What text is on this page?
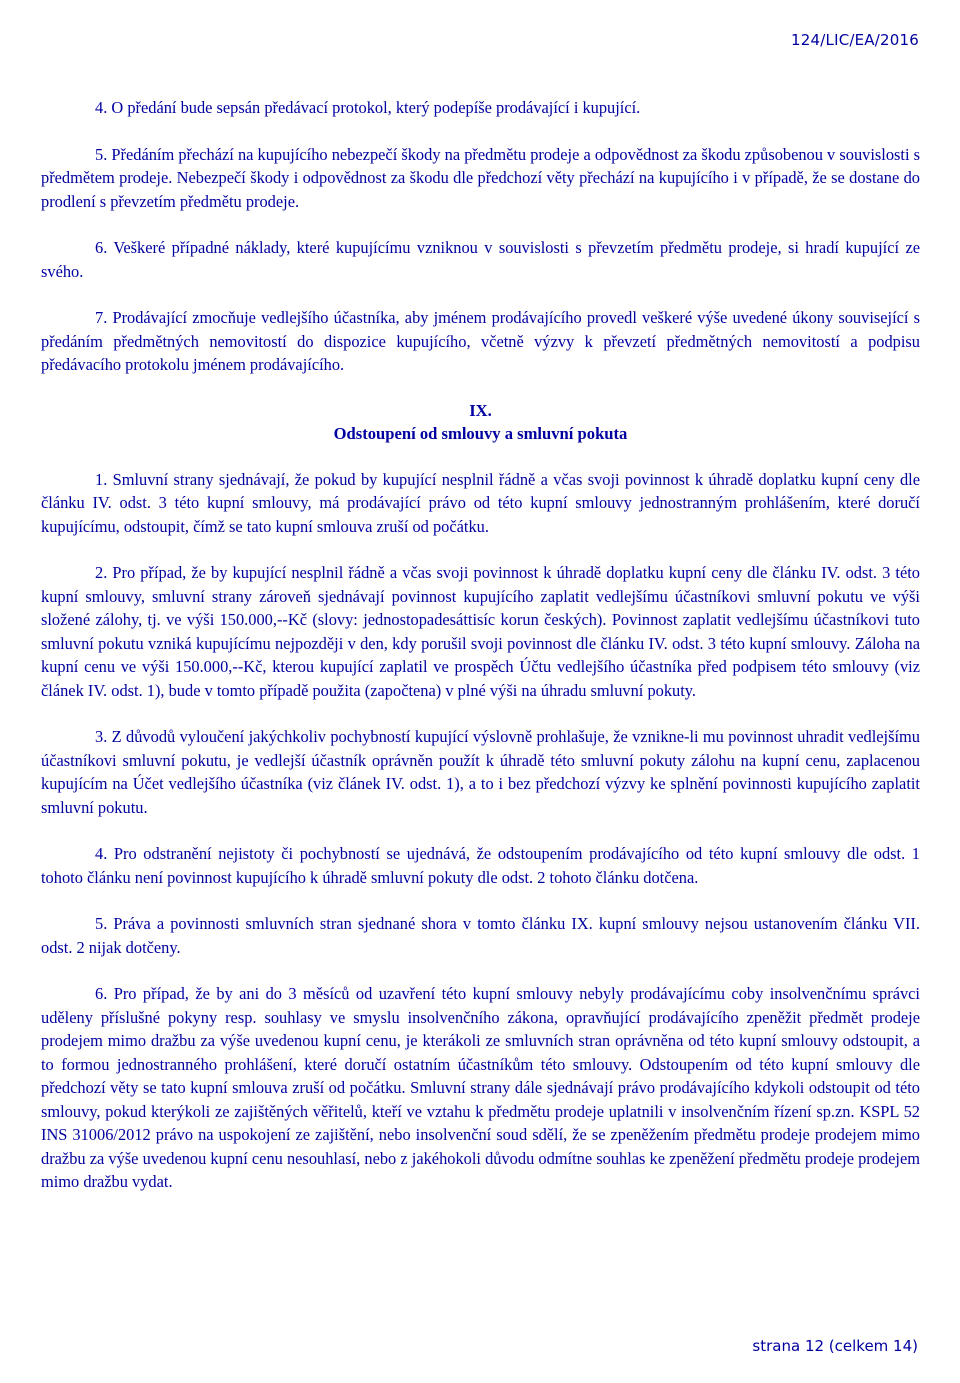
124/LIC/EA/2016

4. O předání bude sepsán předávací protokol, který podepíše prodávající i kupující.

5. Předáním přechází na kupujícího nebezpečí škody na předmětu prodeje a odpovědnost za škodu způsobenou v souvislosti s předmětem prodeje. Nebezpečí škody i odpovědnost za škodu dle předchozí věty přechází na kupujícího i v případě, že se dostane do prodlení s převzetím předmětu prodeje.

6. Veškeré případné náklady, které kupujícímu vzniknou v souvislosti s převzetím předmětu prodeje, si hradí kupující ze svého.

7. Prodávající zmocňuje vedlejšího účastníka, aby jménem prodávajícího provedl veškeré výše uvedené úkony související s předáním předmětných nemovitostí do dispozice kupujícího, včetně výzvy k převzetí předmětných nemovitostí a podpisu předávacího protokolu jménem prodávajícího.

IX.
Odstoupení od smlouvy a smluvní pokuta

1. Smluvní strany sjednávají, že pokud by kupující nesplnil řádně a včas svoji povinnost k úhradě doplatku kupní ceny dle článku IV. odst. 3 této kupní smlouvy, má prodávající právo od této kupní smlouvy jednostranným prohlášením, které doručí kupujícímu, odstoupit, čímž se tato kupní smlouva zruší od počátku.

2. Pro případ, že by kupující nesplnil řádně a včas svoji povinnost k úhradě doplatku kupní ceny dle článku IV. odst. 3 této kupní smlouvy, smluvní strany zároveň sjednávají povinnost kupujícího zaplatit vedlejšímu účastníkovi smluvní pokutu ve výši složené zálohy, tj. ve výši 150.000,--Kč (slovy: jednostopadesáttisíc korun českých). Povinnost zaplatit vedlejšímu účastníkovi tuto smluvní pokutu vzniká kupujícímu nejpozději v den, kdy porušil svoji povinnost dle článku IV. odst. 3 této kupní smlouvy. Záloha na kupní cenu ve výši 150.000,--Kč, kterou kupující zaplatil ve prospěch Účtu vedlejšího účastníka před podpisem této smlouvy (viz článek IV. odst. 1), bude v tomto případě použita (započtena) v plné výši na úhradu smluvní pokuty.

3. Z důvodů vyloučení jakýchkoliv pochybností kupující výslovně prohlašuje, že vznikne-li mu povinnost uhradit vedlejšímu účastníkovi smluvní pokutu, je vedlejší účastník oprávněn použít k úhradě této smluvní pokuty zálohu na kupní cenu, zaplacenou kupujícím na Účet vedlejšího účastníka (viz článek IV. odst. 1), a to i bez předchozí výzvy ke splnění povinnosti kupujícího zaplatit smluvní pokutu.

4. Pro odstranění nejistoty či pochybností se ujednává, že odstoupením prodávajícího od této kupní smlouvy dle odst. 1 tohoto článku není povinnost kupujícího k úhradě smluvní pokuty dle odst. 2 tohoto článku dotčena.

5. Práva a povinnosti smluvních stran sjednané shora v tomto článku IX. kupní smlouvy nejsou ustanovením článku VII. odst. 2 nijak dotčeny.

6. Pro případ, že by ani do 3 měsíců od uzavření této kupní smlouvy nebyly prodávajícímu coby insolvenčnímu správci uděleny příslušné pokyny resp. souhlasy ve smyslu insolvenčního zákona, opravňující prodávajícího zpeněžit předmět prodeje prodejem mimo dražbu za výše uvedenou kupní cenu, je kterákoli ze smluvních stran oprávněna od této kupní smlouvy odstoupit, a to formou jednostranného prohlášení, které doručí ostatním účastníkům této smlouvy. Odstoupením od této kupní smlouvy dle předchozí věty se tato kupní smlouva zruší od počátku. Smluvní strany dále sjednávají právo prodávajícího kdykoli odstoupit od této smlouvy, pokud kterýkoli ze zajištěných věřitelů, kteří ve vztahu k předmětu prodeje uplatnili v insolvenčním řízení sp.zn. KSPL 52 INS 31006/2012 právo na uspokojení ze zajištění, nebo insolvenční soud sdělí, že se zpeněžením předmětu prodeje prodejem mimo dražbu za výše uvedenou kupní cenu nesouhlasí, nebo z jakéhokoli důvodu odmítne souhlas ke zpeněžení předmětu prodeje prodejem mimo dražbu vydat.

strana 12 (celkem 14)
